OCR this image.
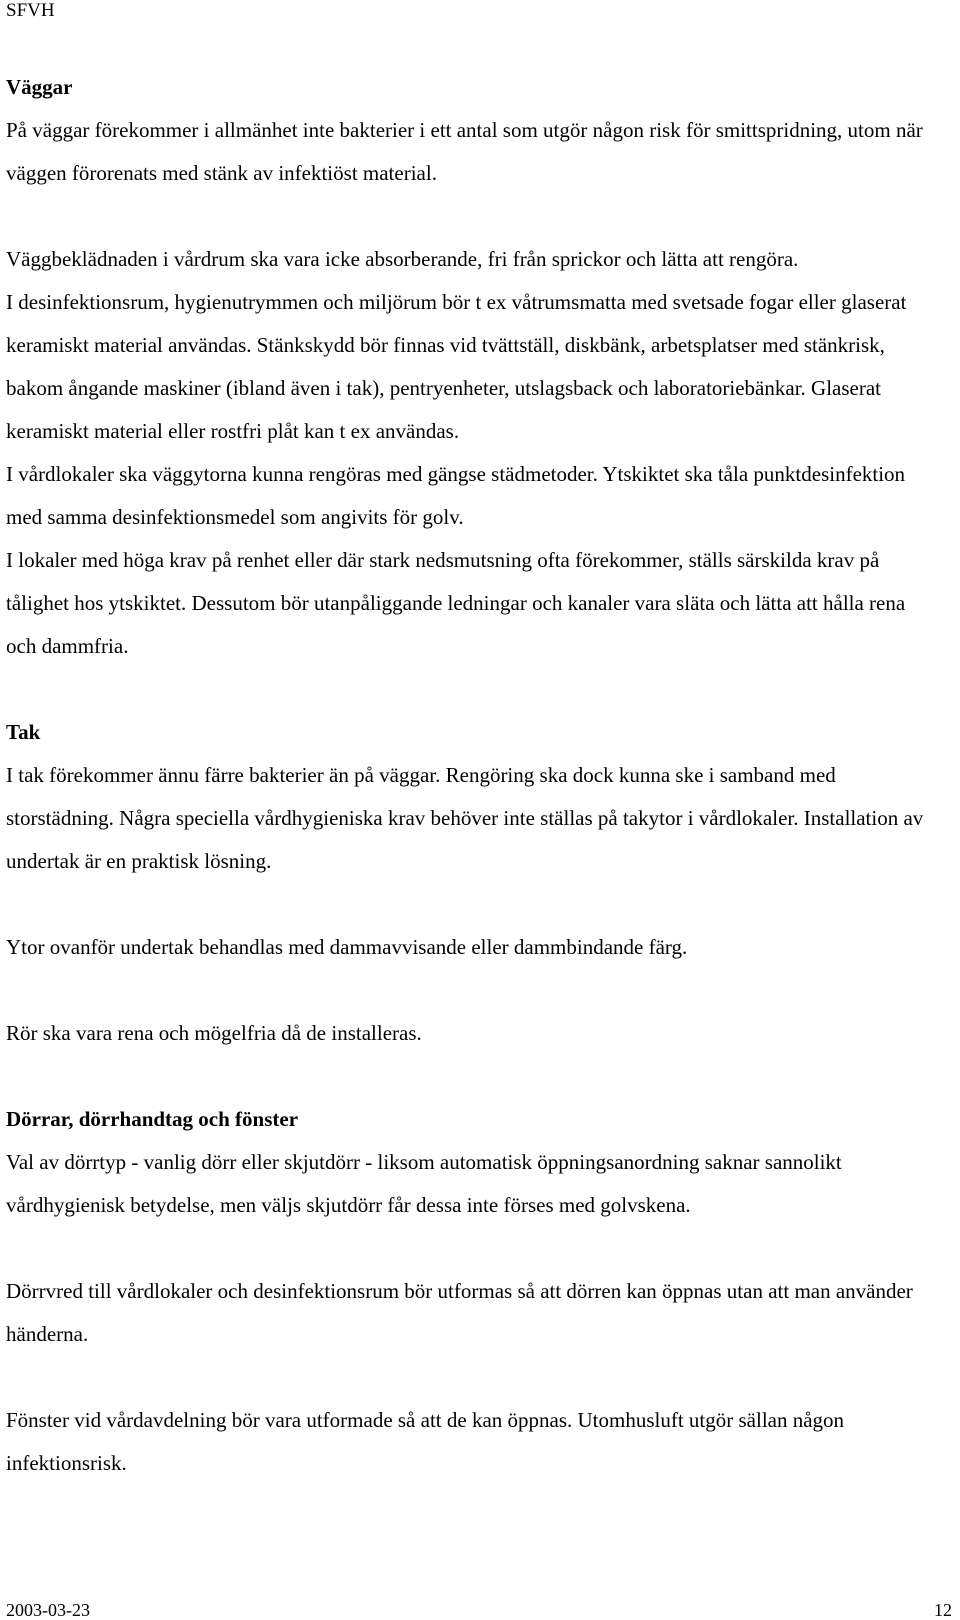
SFVH
Väggar

På väggar förekommer i allmänhet inte bakterier i ett antal som utgör någon risk för smittspridning, utom när väggen förorenats med stänk av infektiöst material.

Väggbeklädnaden i vårdrum ska vara icke absorberande, fri från sprickor och lätta att rengöra.

I desinfektionsrum, hygienutrymmen och miljörum bör t ex våtrumsmatta med svetsade fogar eller glaserat keramiskt material användas. Stänkskydd bör finnas vid tvättställ, diskbänk, arbetsplatser med stänkrisk, bakom ångande maskiner (ibland även i tak), pentryenheter, utslagsback och laboratoriebänkar. Glaserat keramiskt material eller rostfri plåt kan t ex användas.

I vårdlokaler ska väggytorna kunna rengöras med gängse städmetoder. Ytskiktet ska tåla punktdesinfektion med samma desinfektionsmedel som angivits för golv.

I lokaler med höga krav på renhet eller där stark nedsmutsning ofta förekommer, ställs särskilda krav på tålighet hos ytskiktet. Dessutom bör utanpåliggande ledningar och kanaler vara släta och lätta att hålla rena och dammfria.

Tak

I tak förekommer ännu färre bakterier än på väggar. Rengöring ska dock kunna ske i samband med storstädning. Några speciella vårdhygieniska krav behöver inte ställas på takytor i vårdlokaler. Installation av undertak är en praktisk lösning.

Ytor ovanför undertak behandlas med dammavvisande eller dammbindande färg.

Rör ska vara rena och mögelfria då de installeras.

Dörrar, dörrhandtag och fönster

Val av dörrtyp - vanlig dörr eller skjutdörr - liksom automatisk öppningsanordning saknar sannolikt vårdhygienisk betydelse, men väljs skjutdörr får dessa inte förses med golvskena.

Dörrvred till vårdlokaler och desinfektionsrum bör utformas så att dörren kan öppnas utan att man använder händerna.

Fönster vid vårdavdelning bör vara utformade så att de kan öppnas. Utomhusluft utgör sällan någon infektionsrisk.

2003-03-23	12
